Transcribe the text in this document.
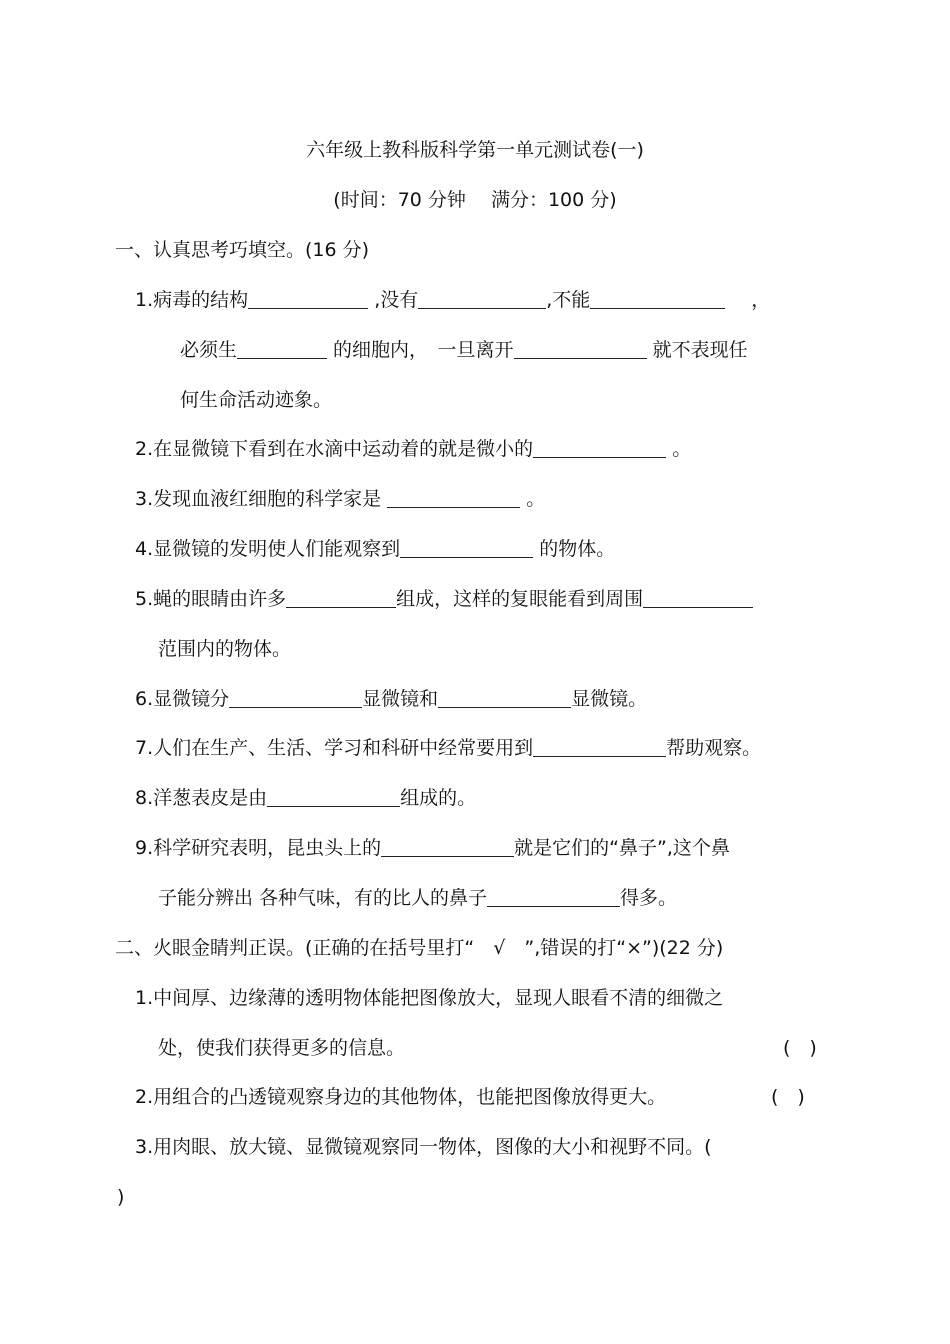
六年级上教科版科学第一单元测试卷(一)
(时间：70 分钟　 满分：100 分)
一、认真思考巧填空。(16 分)
1.病毒的结构	,没有	,不能	，
必须生	的细胞内，　一旦离开	就不表现任
何生命活动迹象。
2.在显微镜下看到在水滴中运动着的就是微小的	。
3.发现血液红细胞的科学家是	。
4.显微镜的发明使人们能观察到	的物体。
5.蝇的眼睛由许多	组成，这样的复眼能看到周围
范围内的物体。
6.显微镜分	显微镜和	显微镜。
7.人们在生产、生活、学习和科研中经常要用到	帮助观察。
8.洋葱表皮是由	组成的。
9.科学研究表明，昆虫头上的	就是它们的“鼻子”,这个鼻
子能分辨出 各种气味，有的比人的鼻子	得多。
二、火眼金睛判正误。(正确的在括号里打“　√　”,错误的打“×”)(22 分)
1.中间厚、边缘薄的透明物体能把图像放大，显现人眼看不清的细微之
处，使我们获得更多的信息。	(　)
2.用组合的凸透镜观察身边的其他物体，也能把图像放得更大。	(　)
3.用肉眼、放大镜、显微镜观察同一物体，图像的大小和视野不同。(
)
